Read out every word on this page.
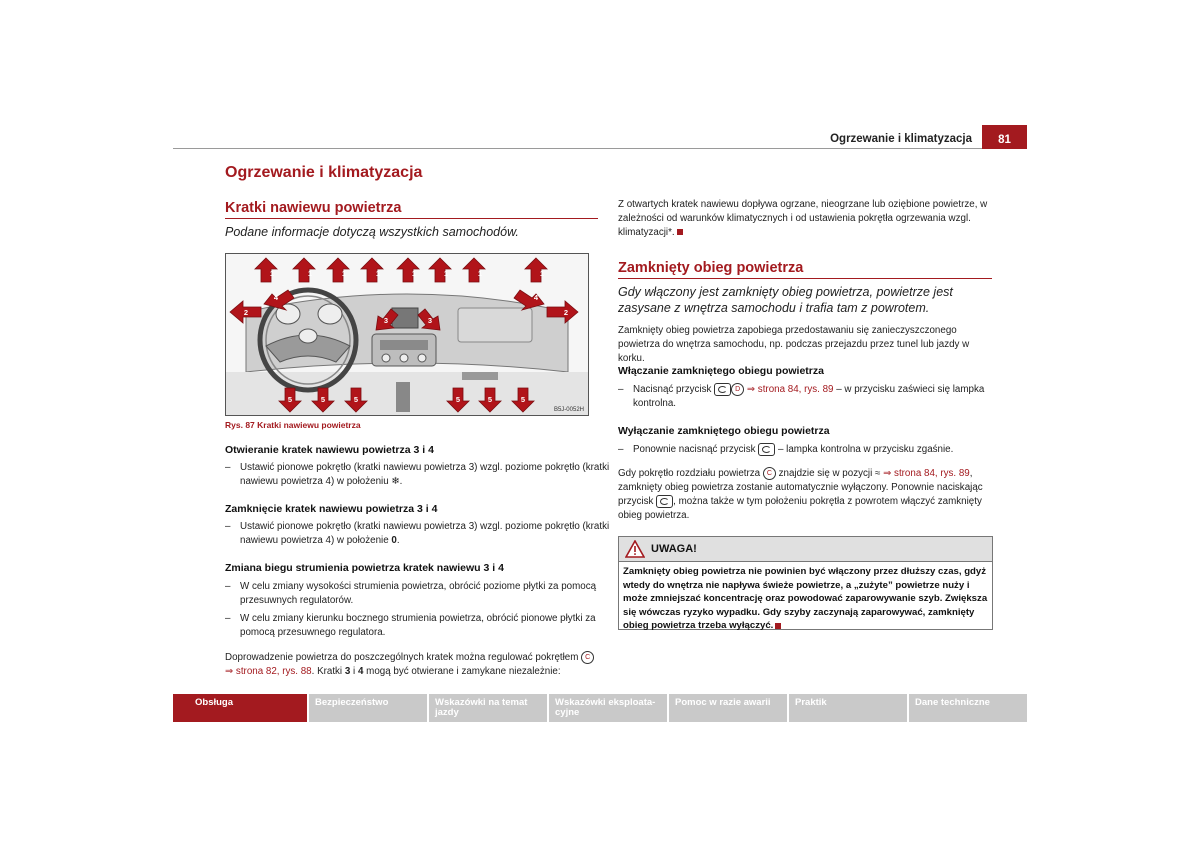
Ogrzewanie i klimatyzacja	81
Ogrzewanie i klimatyzacja
Kratki nawiewu powietrza
Podane informacje dotyczą wszystkich samochodów.
1	1	1	1	1	1	1	1
2
4
3	3
4
2
5	5	5	5	5	5
B5J-0052H
Rys. 87 Kratki nawiewu powietrza
Otwieranie kratek nawiewu powietrza 3 i 4
– Ustawić pionowe pokrętło (kratki nawiewu powietrza 3) wzgl. poziome pokrętło (kratki nawiewu powietrza 4) w położeniu ❄︎.
Zamknięcie kratek nawiewu powietrza 3 i 4
– Ustawić pionowe pokrętło (kratki nawiewu powietrza 3) wzgl. poziome pokrętło (kratki nawiewu powietrza 4) w położenie 0.
Zmiana biegu strumienia powietrza kratek nawiewu 3 i 4
– W celu zmiany wysokości strumienia powietrza, obrócić poziome płytki za pomocą przesuwnych regulatorów.
– W celu zmiany kierunku bocznego strumienia powietrza, obrócić pionowe płytki za pomocą przesuwnego regulatora.
Doprowadzenie powietrza do poszczególnych kratek można regulować pokrętłem C
⇒ strona 82, rys. 88. Kratki 3 i 4 mogą być otwierane i zamykane niezależnie:
Z otwartych kratek nawiewu dopływa ogrzane, nieogrzane lub oziębione powietrze, w zależności od warunków klimatycznych i od ustawienia pokrętła ogrzewania wzgl. klimatyzacji*.
Zamknięty obieg powietrza
Gdy włączony jest zamknięty obieg powietrza, powietrze jest zasysane z wnętrza samochodu i trafia tam z powrotem.
Zamknięty obieg powietrza zapobiega przedostawaniu się zanieczyszczonego powietrza do wnętrza samochodu, np. podczas przejazdu przez tunel lub jazdy w korku.
Włączanie zamkniętego obiegu powietrza
– Nacisnąć przycisk	D ⇒ strona 84, rys. 89 – w przycisku zaświeci się lampka kontrolna.
Wyłączanie zamkniętego obiegu powietrza
– Ponownie nacisnąć przycisk – lampka kontrolna w przycisku zgaśnie.
Gdy pokrętło rozdziału powietrza C znajdzie się w pozycji ≈ ⇒ strona 84, rys. 89, zamknięty obieg powietrza zostanie automatycznie wyłączony. Ponownie naciskając przycisk , można także w tym położeniu pokrętła z powrotem włączyć zamknięty obieg powietrza.
UWAGA!
Zamknięty obieg powietrza nie powinien być włączony przez dłuższy czas, gdyż wtedy do wnętrza nie napływa świeże powietrze, a „zużyte” powietrze nuży i może zmniejszać koncentrację oraz powodować zaparowywanie szyb. Zwiększa się wówczas ryzyko wypadku. Gdy szyby zaczynają zaparowywać, zamknięty obieg powietrza trzeba wyłączyć.
Obsługa	Bezpieczeństwo	Wskazówki na temat jazdy
Wskazówki eksploata- cyjne
Pomoc w razie awarii	Praktik	Dane techniczne
